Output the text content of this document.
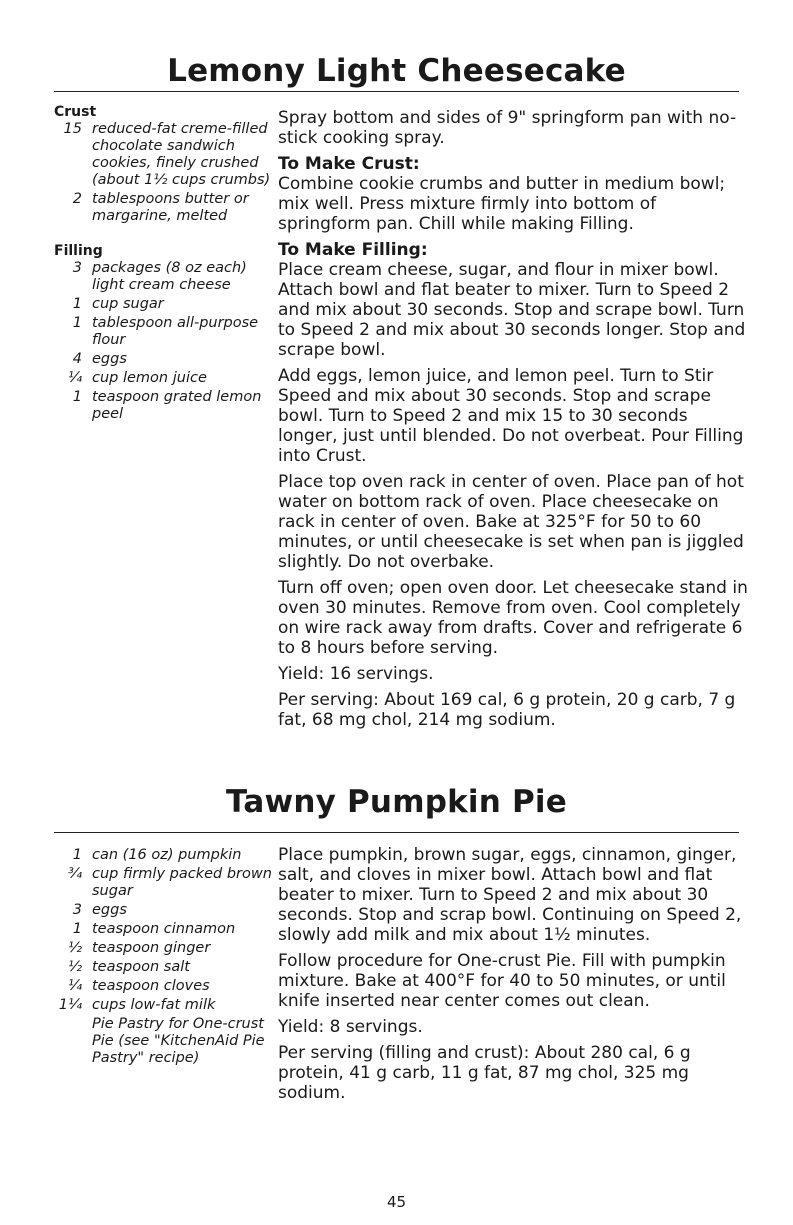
Lemony Light Cheesecake
Crust
15 reduced-fat creme-filled chocolate sandwich cookies, finely crushed (about 1½ cups crumbs)
2 tablespoons butter or margarine, melted
Filling
3 packages (8 oz each) light cream cheese
1 cup sugar
1 tablespoon all-purpose flour
4 eggs
¼ cup lemon juice
1 teaspoon grated lemon peel
Spray bottom and sides of 9" springform pan with no-stick cooking spray.
To Make Crust:
Combine cookie crumbs and butter in medium bowl; mix well. Press mixture firmly into bottom of springform pan. Chill while making Filling.
To Make Filling:
Place cream cheese, sugar, and flour in mixer bowl. Attach bowl and flat beater to mixer. Turn to Speed 2 and mix about 30 seconds. Stop and scrape bowl. Turn to Speed 2 and mix about 30 seconds longer. Stop and scrape bowl.
Add eggs, lemon juice, and lemon peel. Turn to Stir Speed and mix about 30 seconds. Stop and scrape bowl. Turn to Speed 2 and mix 15 to 30 seconds longer, just until blended. Do not overbeat. Pour Filling into Crust.
Place top oven rack in center of oven. Place pan of hot water on bottom rack of oven. Place cheesecake on rack in center of oven. Bake at 325°F for 50 to 60 minutes, or until cheesecake is set when pan is jiggled slightly. Do not overbake.
Turn off oven; open oven door. Let cheesecake stand in oven 30 minutes. Remove from oven. Cool completely on wire rack away from drafts. Cover and refrigerate 6 to 8 hours before serving.
Yield: 16 servings.
Per serving: About 169 cal, 6 g protein, 20 g carb, 7 g fat, 68 mg chol, 214 mg sodium.
Tawny Pumpkin Pie
1 can (16 oz) pumpkin
¾ cup firmly packed brown sugar
3 eggs
1 teaspoon cinnamon
½ teaspoon ginger
½ teaspoon salt
¼ teaspoon cloves
1¼ cups low-fat milk
Pie Pastry for One-crust Pie (see "KitchenAid Pie Pastry" recipe)
Place pumpkin, brown sugar, eggs, cinnamon, ginger, salt, and cloves in mixer bowl. Attach bowl and flat beater to mixer. Turn to Speed 2 and mix about 30 seconds. Stop and scrap bowl. Continuing on Speed 2, slowly add milk and mix about 1½ minutes.
Follow procedure for One-crust Pie. Fill with pumpkin mixture. Bake at 400°F for 40 to 50 minutes, or until knife inserted near center comes out clean.
Yield: 8 servings.
Per serving (filling and crust): About 280 cal, 6 g protein, 41 g carb, 11 g fat, 87 mg chol, 325 mg sodium.
45
